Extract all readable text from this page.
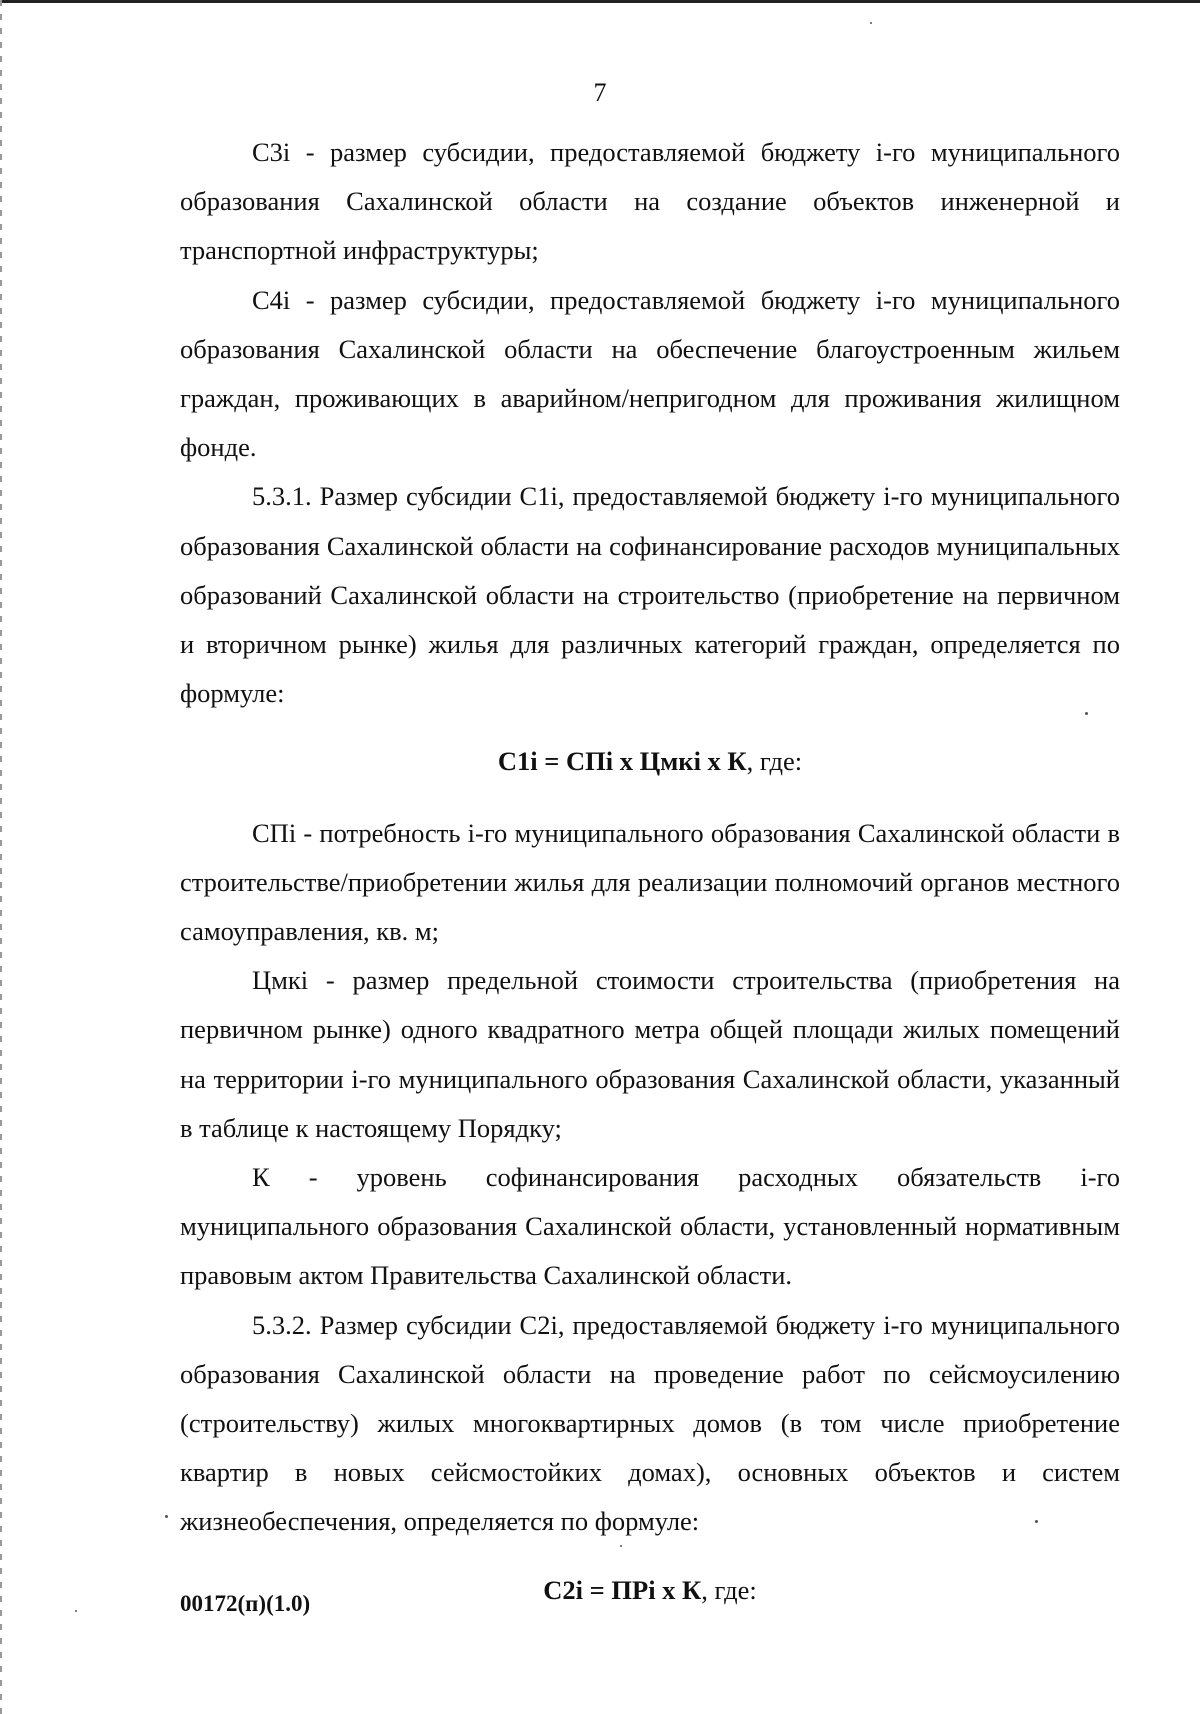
7

С3i - размер субсидии, предоставляемой бюджету i-го муниципального образования Сахалинской области на создание объектов инженерной и транспортной инфраструктуры;

С4i - размер субсидии, предоставляемой бюджету i-го муниципального образования Сахалинской области на обеспечение благоустроенным жильем граждан, проживающих в аварийном/непригодном для проживания жилищном фонде.

5.3.1. Размер субсидии С1i, предоставляемой бюджету i-го муниципального образования Сахалинской области на софинансирование расходов муниципальных образований Сахалинской области на строительство (приобретение на первичном и вторичном рынке) жилья для различных категорий граждан, определяется по формуле:

С1i = СПi х Цмкi х К, где:

СПi - потребность i-го муниципального образования Сахалинской области в строительстве/приобретении жилья для реализации полномочий органов местного самоуправления, кв. м;

Цмкi - размер предельной стоимости строительства (приобретения на первичном рынке) одного квадратного метра общей площади жилых помещений на территории i-го муниципального образования Сахалинской области, указанный в таблице к настоящему Порядку;

К - уровень софинансирования расходных обязательств i-го муниципального образования Сахалинской области, установленный нормативным правовым актом Правительства Сахалинской области.

5.3.2. Размер субсидии С2i, предоставляемой бюджету i-го муниципального образования Сахалинской области на проведение работ по сейсмоусилению (строительству) жилых многоквартирных домов (в том числе приобретение квартир в новых сейсмостойких домах), основных объектов и систем жизнеобеспечения, определяется по формуле:

С2i = ПРi х К, где:

00172(п)(1.0)
